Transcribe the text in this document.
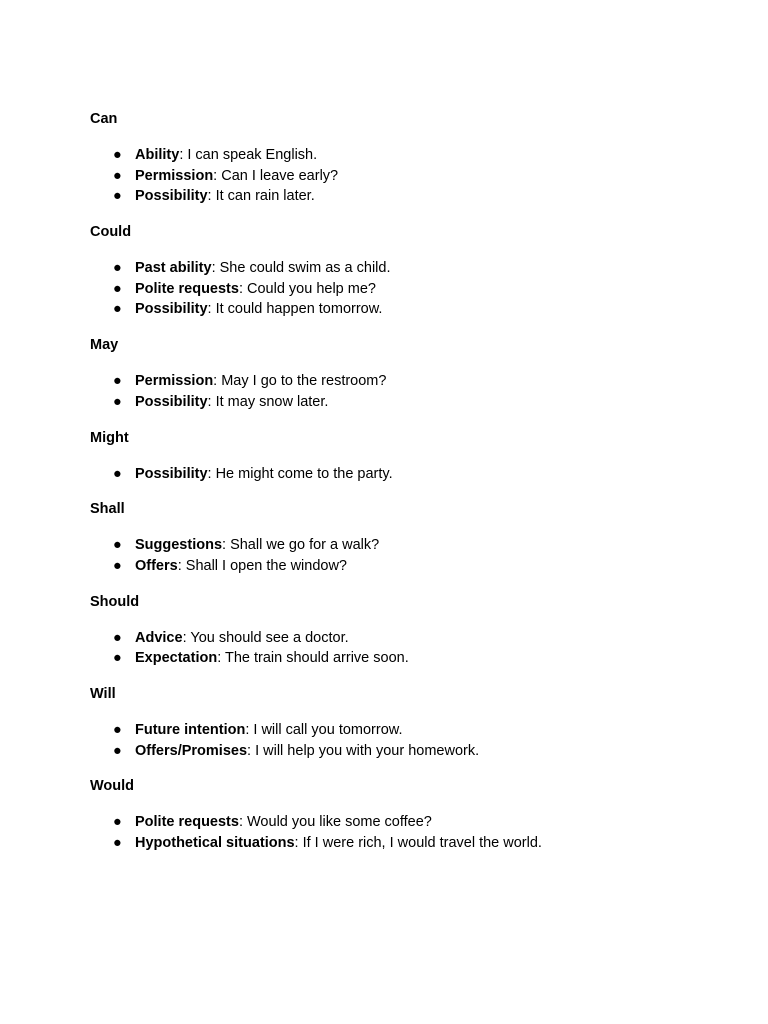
Can
● Ability: I can speak English.
● Permission: Can I leave early?
● Possibility: It can rain later.
Could
● Past ability: She could swim as a child.
● Polite requests: Could you help me?
● Possibility: It could happen tomorrow.
May
● Permission: May I go to the restroom?
● Possibility: It may snow later.
Might
● Possibility: He might come to the party.
Shall
● Suggestions: Shall we go for a walk?
● Offers: Shall I open the window?
Should
● Advice: You should see a doctor.
● Expectation: The train should arrive soon.
Will
● Future intention: I will call you tomorrow.
● Offers/Promises: I will help you with your homework.
Would
● Polite requests: Would you like some coffee?
● Hypothetical situations: If I were rich, I would travel the world.
